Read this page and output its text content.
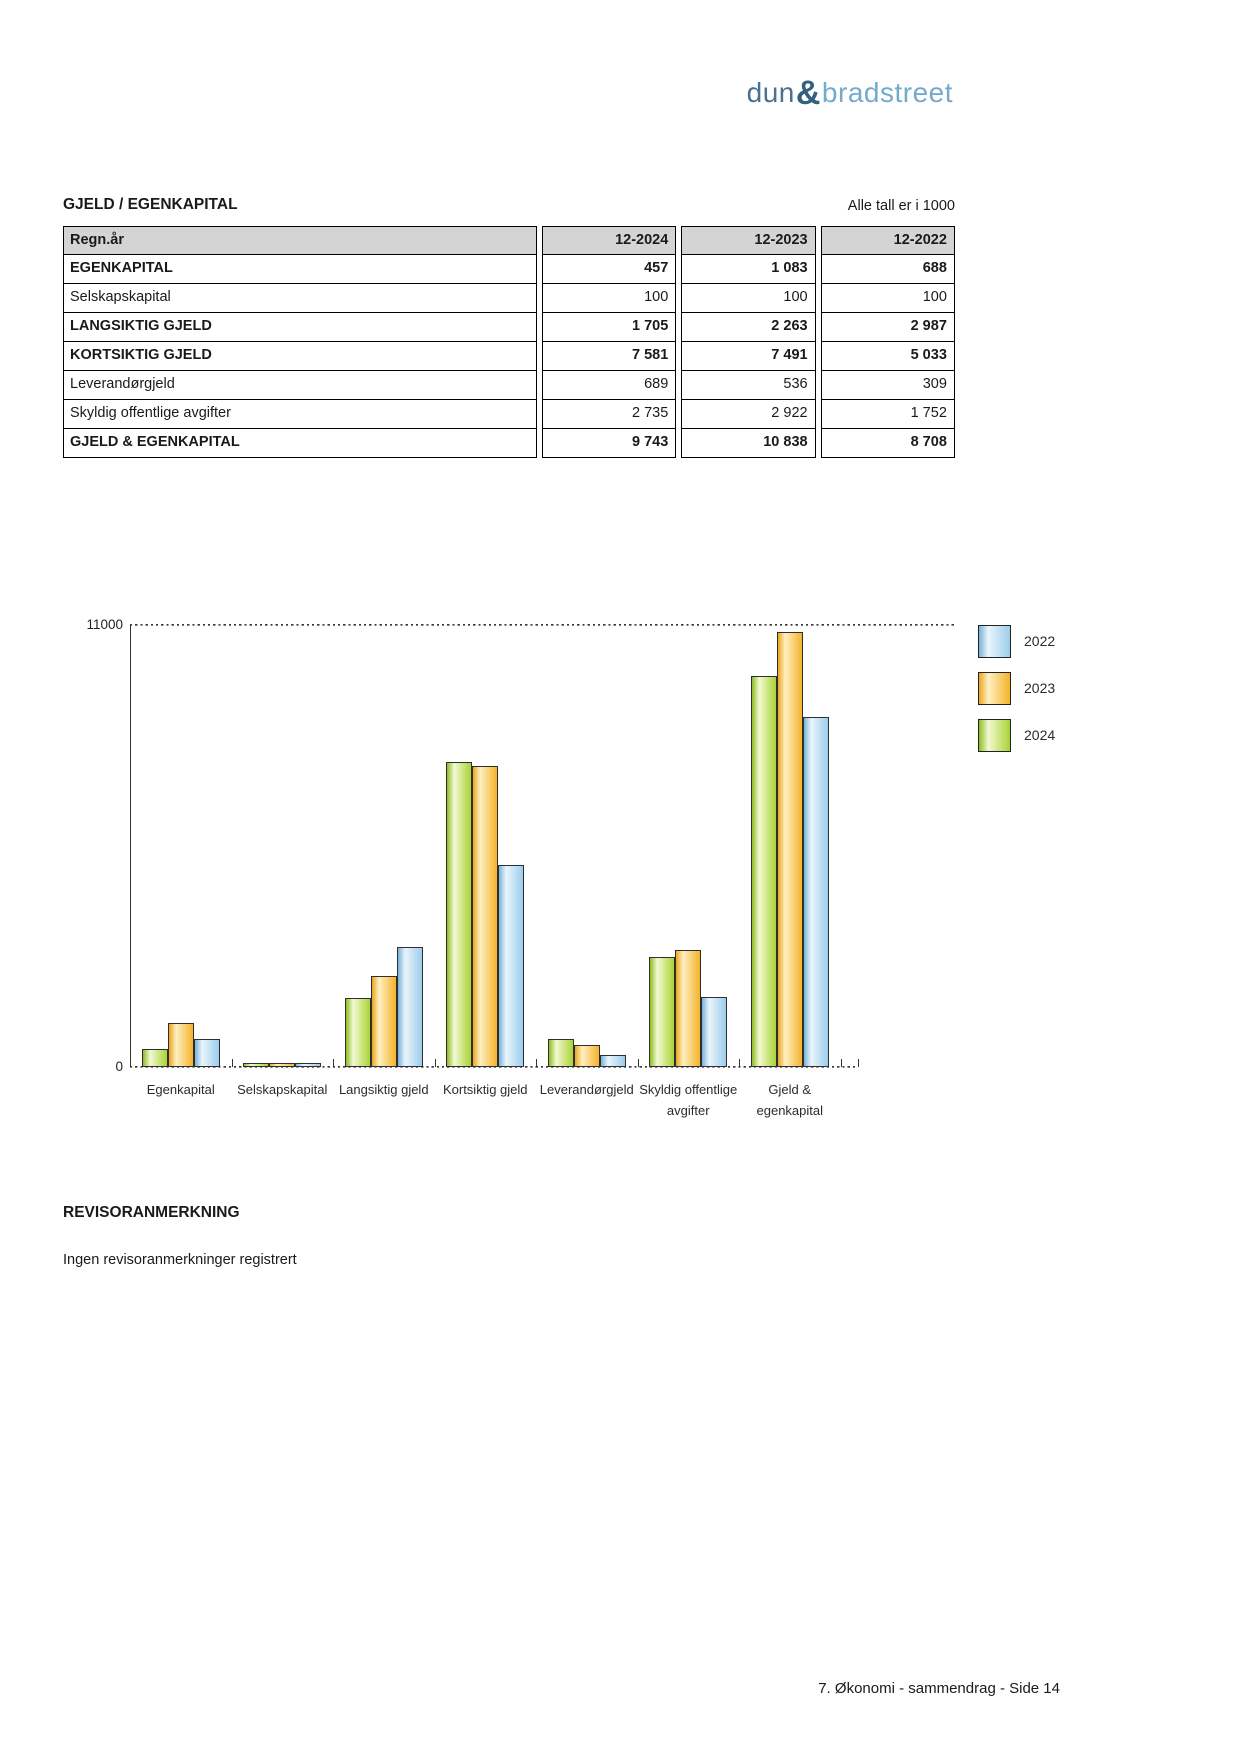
dun&bradstreet
GJELD / EGENKAPITAL	Alle tall er i 1000
Regn.år	12-2024	12-2023	12-2022
EGENKAPITAL	457	1 083	688
Selskapskapital	100	100	100
LANGSIKTIG GJELD	1 705	2 263	2 987
KORTSIKTIG GJELD	7 581	7 491	5 033
Leverandørgjeld	689	536	309
Skyldig offentlige avgifter	2 735	2 922	1 752
GJELD & EGENKAPITAL	9 743	10 838	8 708
11000
0
Egenkapital	Selskapskapital Langsiktig gjeld	Kortsiktig gjeld Leverandørgjeld Skyldig offentlige avgifter
Gjeld & egenkapital
2022
2023
2024
REVISORANMERKNING
Ingen revisoranmerkninger registrert
7. Økonomi - sammendrag - Side 14
